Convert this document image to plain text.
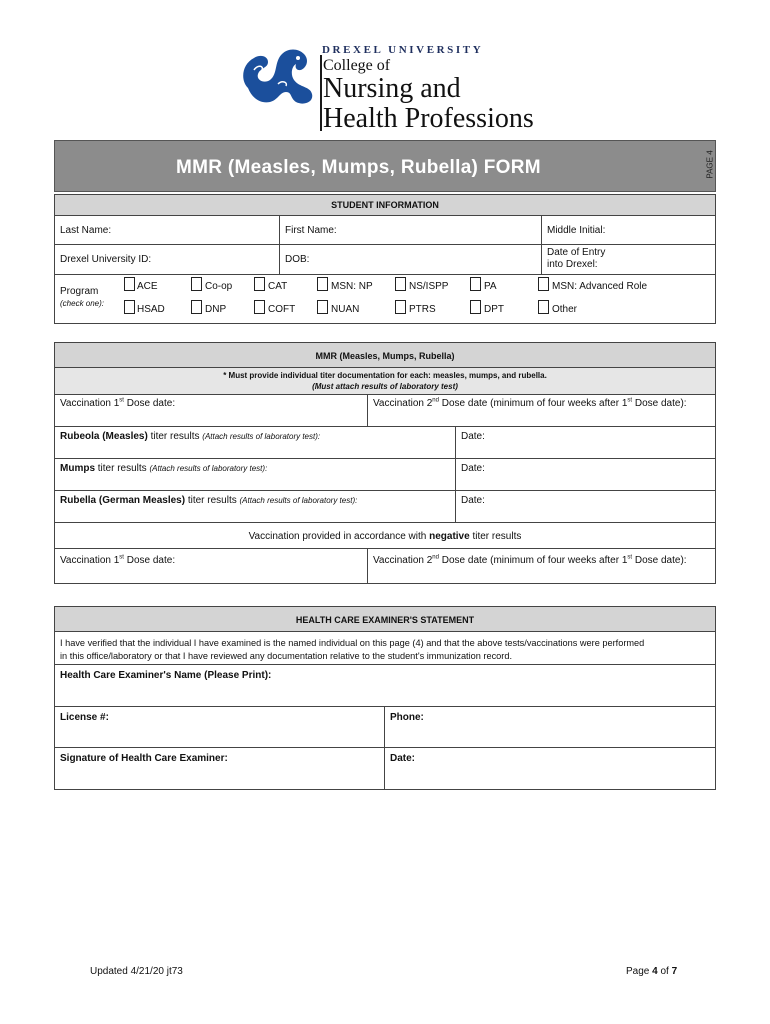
DREXEL UNIVERSITY
College of
Nursing and
Health Professions
MMR (Measles, Mumps, Rubella) FORM	PAGE 4
STUDENT INFORMATION
Last Name:	First Name:	Middle Initial:
Drexel University ID:	DOB:
Date of Entry
into Drexel:
Program
(check one):
ACE	Co-op	CAT	MSN: NP	NS/ISPP	PA	MSN: Advanced Role
HSAD	DNP	COFT	NUAN	PTRS	DPT	Other
MMR (Measles, Mumps, Rubella)
* Must provide individual titer documentation for each: measles, mumps, and rubella.
(Must attach results of laboratory test)
Vaccination 1st Dose date:	Vaccination 2nd Dose date (minimum of four weeks after 1st Dose date):
Rubeola (Measles) titer results (Attach results of laboratory test):	Date:
Mumps titer results (Attach results of laboratory test):	Date:
Rubella (German Measles) titer results (Attach results of laboratory test):	Date:
Vaccination provided in accordance with negative titer results
Vaccination 1st Dose date:	Vaccination 2nd Dose date (minimum of four weeks after 1st Dose date):
HEALTH CARE EXAMINER'S STATEMENT
I have verified that the individual I have examined is the named individual on this page (4) and that the above tests/vaccinations were performed
in this office/laboratory or that I have reviewed any documentation relative to the student's immunization record.
Health Care Examiner's Name (Please Print):
License #:	Phone:
Signature of Health Care Examiner:	Date:
Updated 4/21/20 jt73	Page 4 of 7
